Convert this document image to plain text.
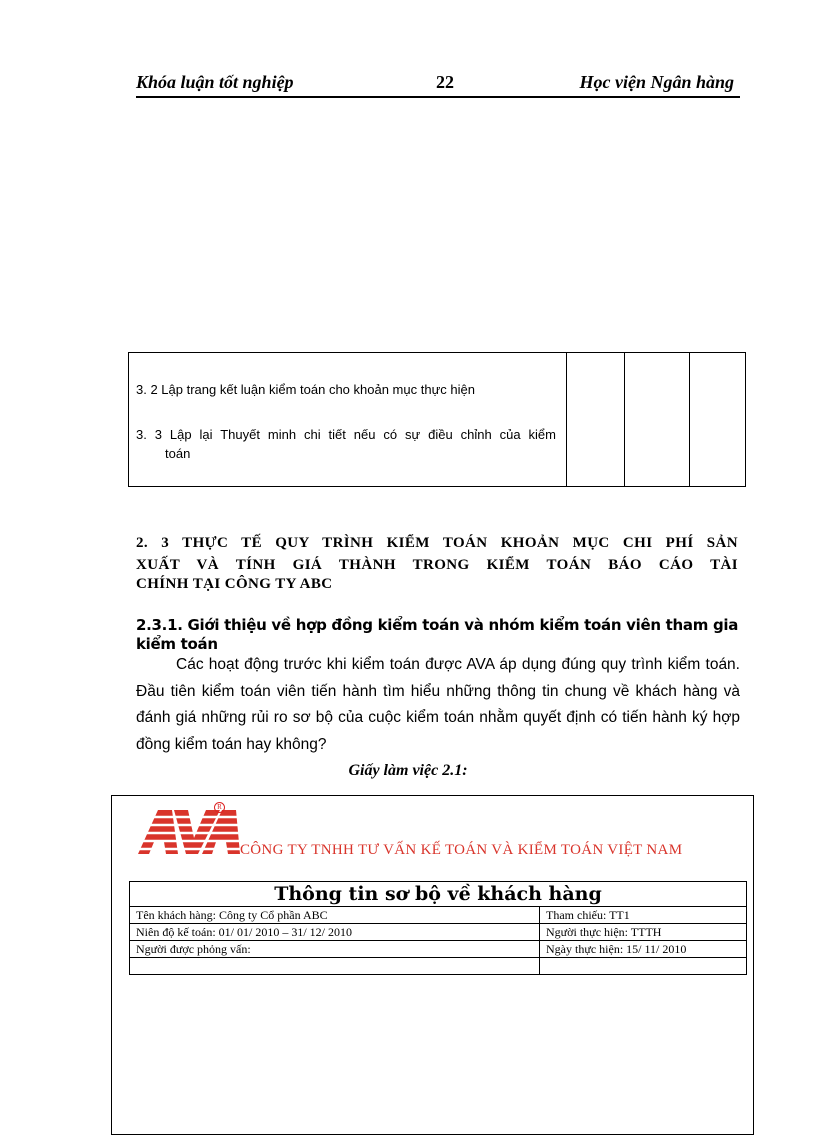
Khóa luận tốt nghiệp	22	Học viện Ngân hàng
3. 2 Lập trang kết luận kiểm toán cho khoản mục thực hiện
3. 3 Lập lại Thuyết minh chi tiết nếu có sự điều chỉnh của kiểm
toán
2. 3 THỰC TẾ QUY TRÌNH KIỂM TOÁN KHOẢN MỤC CHI PHÍ SẢN
XUẤT VÀ TÍNH GIÁ THÀNH TRONG KIỂM TOÁN BÁO CÁO TÀI
CHÍNH TẠI CÔNG TY ABC
2.3.1. Giới thiệu về hợp đồng kiểm toán và nhóm kiểm toán viên tham gia kiểm toán
Các hoạt động trước khi kiểm toán được AVA áp dụng đúng quy trình kiểm toán. Đầu tiên kiểm toán viên tiến hành tìm hiểu những thông tin chung về khách hàng và đánh giá những rủi ro sơ bộ của cuộc kiểm toán nhằm quyết định có tiến hành ký hợp đồng kiểm toán hay không?
Giấy làm việc 2.1:
R
CÔNG TY TNHH TƯ VẤN KẾ TOÁN VÀ KIỂM TOÁN VIỆT NAM
Thông tin sơ bộ về khách hàng	
Tên khách hàng: Công ty Cổ phần ABC	Tham chiếu: TT1
Niên độ kế toán: 01/ 01/ 2010 – 31/ 12/ 2010	Người thực hiện: TTTH
Người được phỏng vấn:	Ngày thực hiện: 15/ 11/ 2010
